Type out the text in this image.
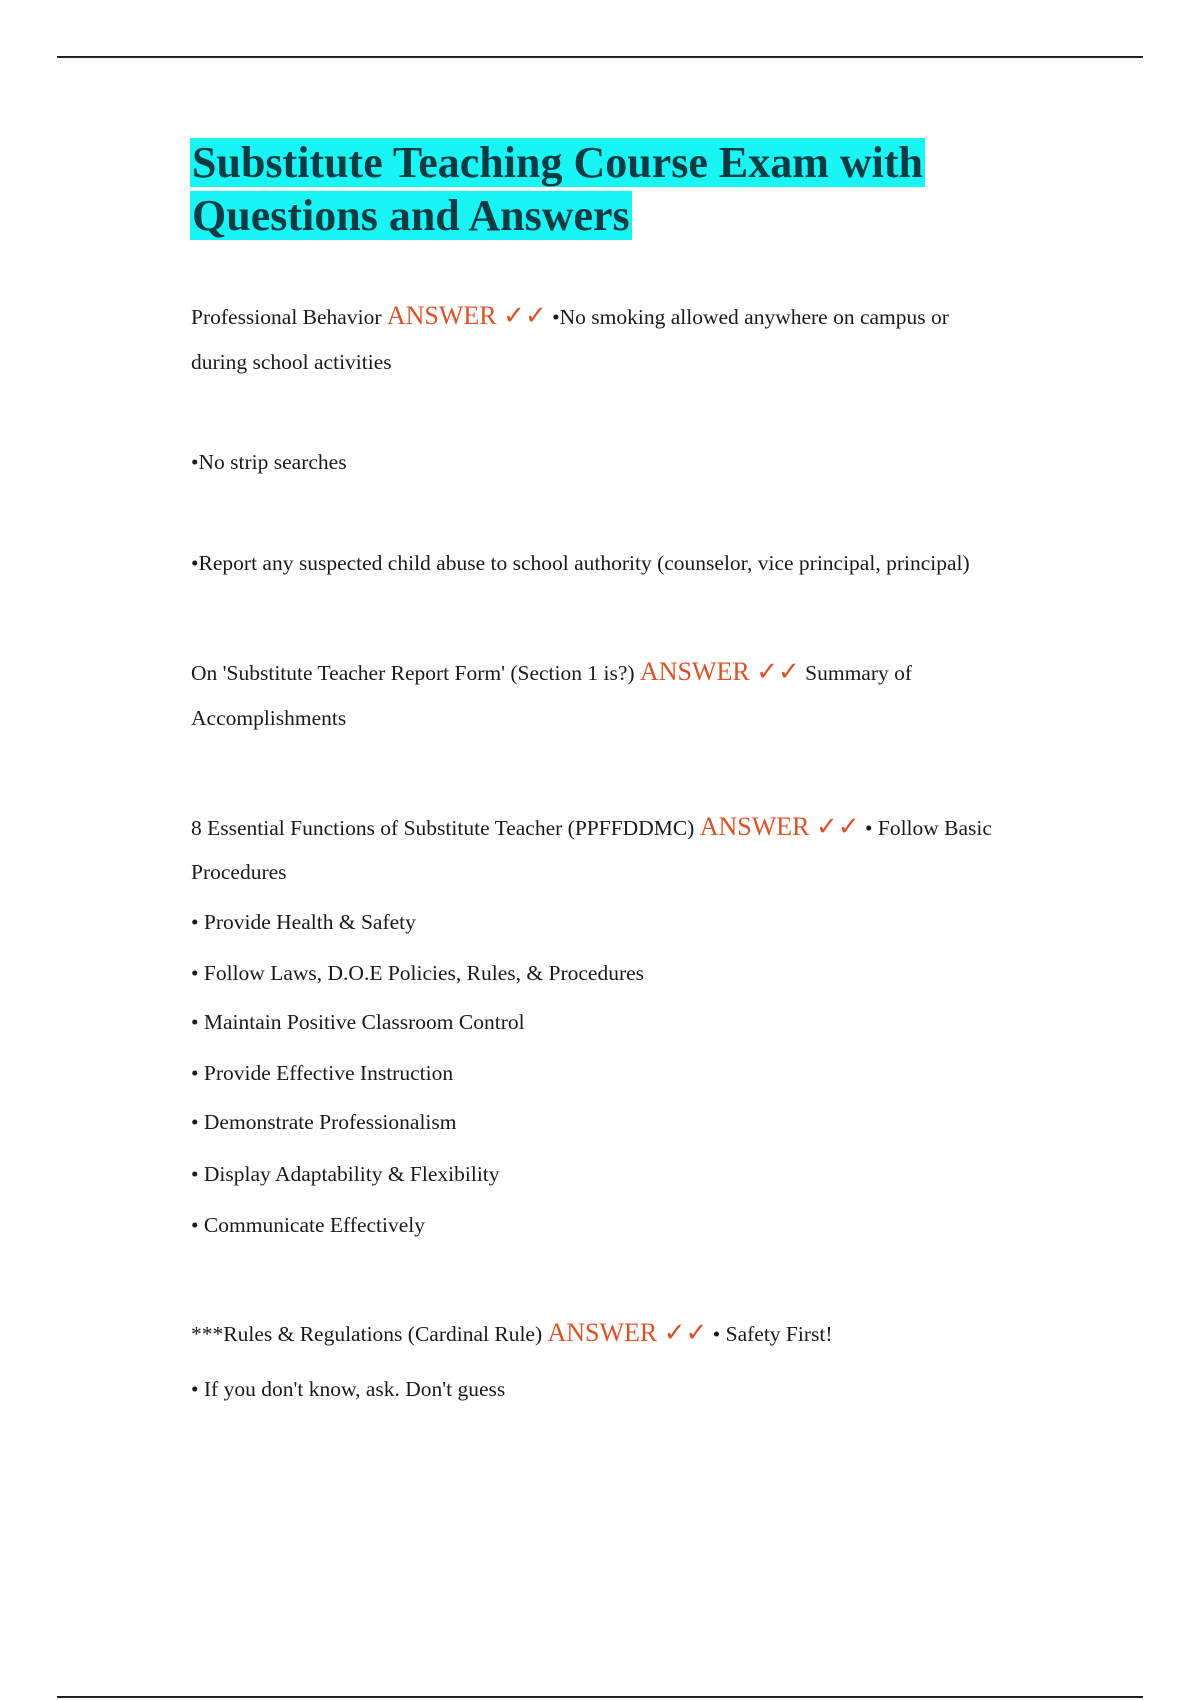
Substitute Teaching Course Exam with
Questions and Answers

Professional Behavior ANSWER ✓✓ •No smoking allowed anywhere on campus or

during school activities

•No strip searches

•Report any suspected child abuse to school authority (counselor, vice principal, principal)

On 'Substitute Teacher Report Form' (Section 1 is?) ANSWER ✓✓ Summary of

Accomplishments

8 Essential Functions of Substitute Teacher (PPFFDDMC) ANSWER ✓✓ • Follow Basic

Procedures

• Provide Health & Safety

• Follow Laws, D.O.E Policies, Rules, & Procedures

• Maintain Positive Classroom Control

• Provide Effective Instruction

• Demonstrate Professionalism

• Display Adaptability & Flexibility

• Communicate Effectively

***Rules & Regulations (Cardinal Rule) ANSWER ✓✓ • Safety First!

• If you don't know, ask. Don't guess
